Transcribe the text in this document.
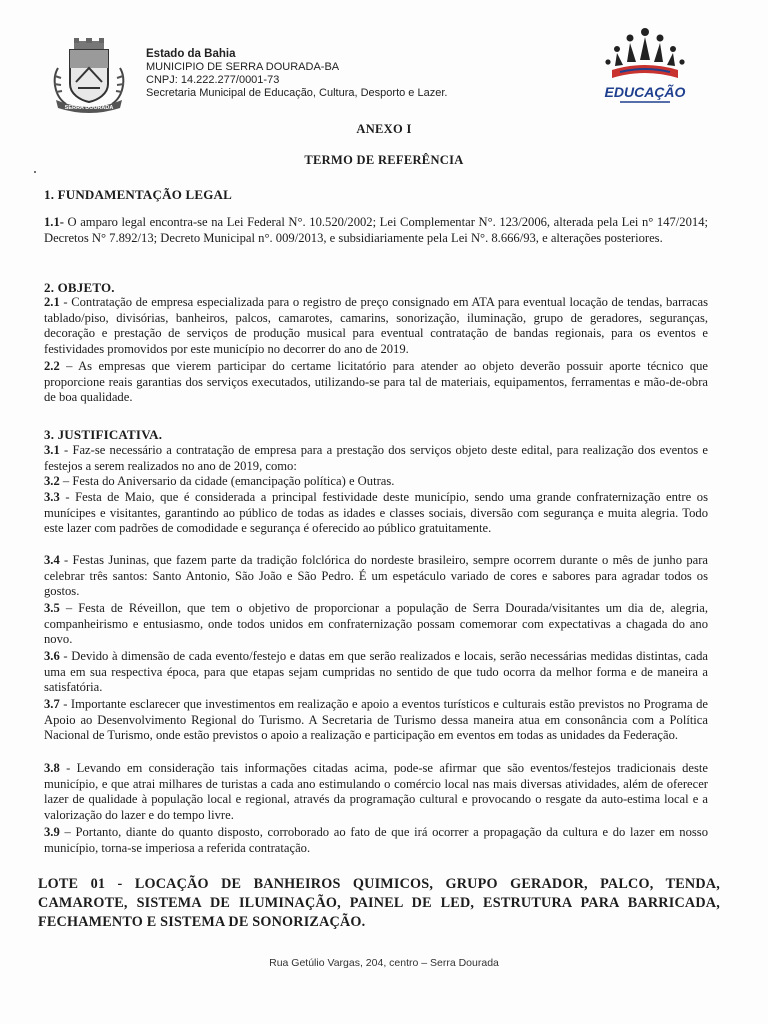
SERRA DOURADA
Estado da Bahia
MUNICIPIO DE SERRA DOURADA-BA
CNPJ: 14.222.277/0001-73
Secretaria Municipal de Educação, Cultura, Desporto e Lazer.	EDUCAÇÃO
ANEXO I
TERMO DE REFERÊNCIA
1. FUNDAMENTAÇÃO LEGAL
1.1- O amparo legal encontra-se na Lei Federal N°. 10.520/2002; Lei Complementar N°. 123/2006, alterada pela Lei n° 147/2014; Decretos N° 7.892/13; Decreto Municipal n°. 009/2013, e subsidiariamente pela Lei N°. 8.666/93, e alterações posteriores.
2. OBJETO.
2.1 - Contratação de empresa especializada para o registro de preço consignado em ATA para eventual locação de tendas, barracas tablado/piso, divisórias, banheiros, palcos, camarotes, camarins, sonorização, iluminação, grupo de geradores, seguranças, decoração e prestação de serviços de produção musical para eventual contratação de bandas regionais, para os eventos e festividades promovidos por este município no decorrer do ano de 2019.
2.2 – As empresas que vierem participar do certame licitatório para atender ao objeto deverão possuir aporte técnico que proporcione reais garantias dos serviços executados, utilizando-se para tal de materiais, equipamentos, ferramentas e mão-de-obra de boa qualidade.
3. JUSTIFICATIVA.
3.1 - Faz-se necessário a contratação de empresa para a prestação dos serviços objeto deste edital, para realização dos eventos e festejos a serem realizados no ano de 2019, como:
3.2 – Festa do Aniversario da cidade (emancipação política) e Outras.
3.3 - Festa de Maio, que é considerada a principal festividade deste município, sendo uma grande confraternização entre os munícipes e visitantes, garantindo ao público de todas as idades e classes sociais, diversão com segurança e muita alegria. Todo este lazer com padrões de comodidade e segurança é oferecido ao público gratuitamente.
3.4 - Festas Juninas, que fazem parte da tradição folclórica do nordeste brasileiro, sempre ocorrem durante o mês de junho para celebrar três santos: Santo Antonio, São João e São Pedro. É um espetáculo variado de cores e sabores para agradar todos os gostos.
3.5 – Festa de Réveillon, que tem o objetivo de proporcionar a população de Serra Dourada/visitantes um dia de, alegria, companheirismo e entusiasmo, onde todos unidos em confraternização possam comemorar com expectativas a chagada do ano novo.
3.6 - Devido à dimensão de cada evento/festejo e datas em que serão realizados e locais, serão necessárias medidas distintas, cada uma em sua respectiva época, para que etapas sejam cumpridas no sentido de que tudo ocorra da melhor forma e de maneira a satisfatória.
3.7 - Importante esclarecer que investimentos em realização e apoio a eventos turísticos e culturais estão previstos no Programa de Apoio ao Desenvolvimento Regional do Turismo. A Secretaria de Turismo dessa maneira atua em consonância com a Política Nacional de Turismo, onde estão previstos o apoio a realização e participação em eventos em todas as unidades da Federação.
3.8 - Levando em consideração tais informações citadas acima, pode-se afirmar que são eventos/festejos tradicionais deste município, e que atrai milhares de turistas a cada ano estimulando o comércio local nas mais diversas atividades, além de oferecer lazer de qualidade à população local e regional, através da programação cultural e provocando o resgate da auto-estima local e a valorização do lazer e do tempo livre.
3.9 – Portanto, diante do quanto disposto, corroborado ao fato de que irá ocorrer a propagação da cultura e do lazer em nosso município, torna-se imperiosa a referida contratação.
LOTE 01 - LOCAÇÃO DE BANHEIROS QUIMICOS, GRUPO GERADOR, PALCO, TENDA, CAMAROTE, SISTEMA DE ILUMINAÇÃO, PAINEL DE LED, ESTRUTURA PARA BARRICADA, FECHAMENTO E SISTEMA DE SONORIZAÇÃO.
Rua Getúlio Vargas, 204, centro – Serra Dourada
